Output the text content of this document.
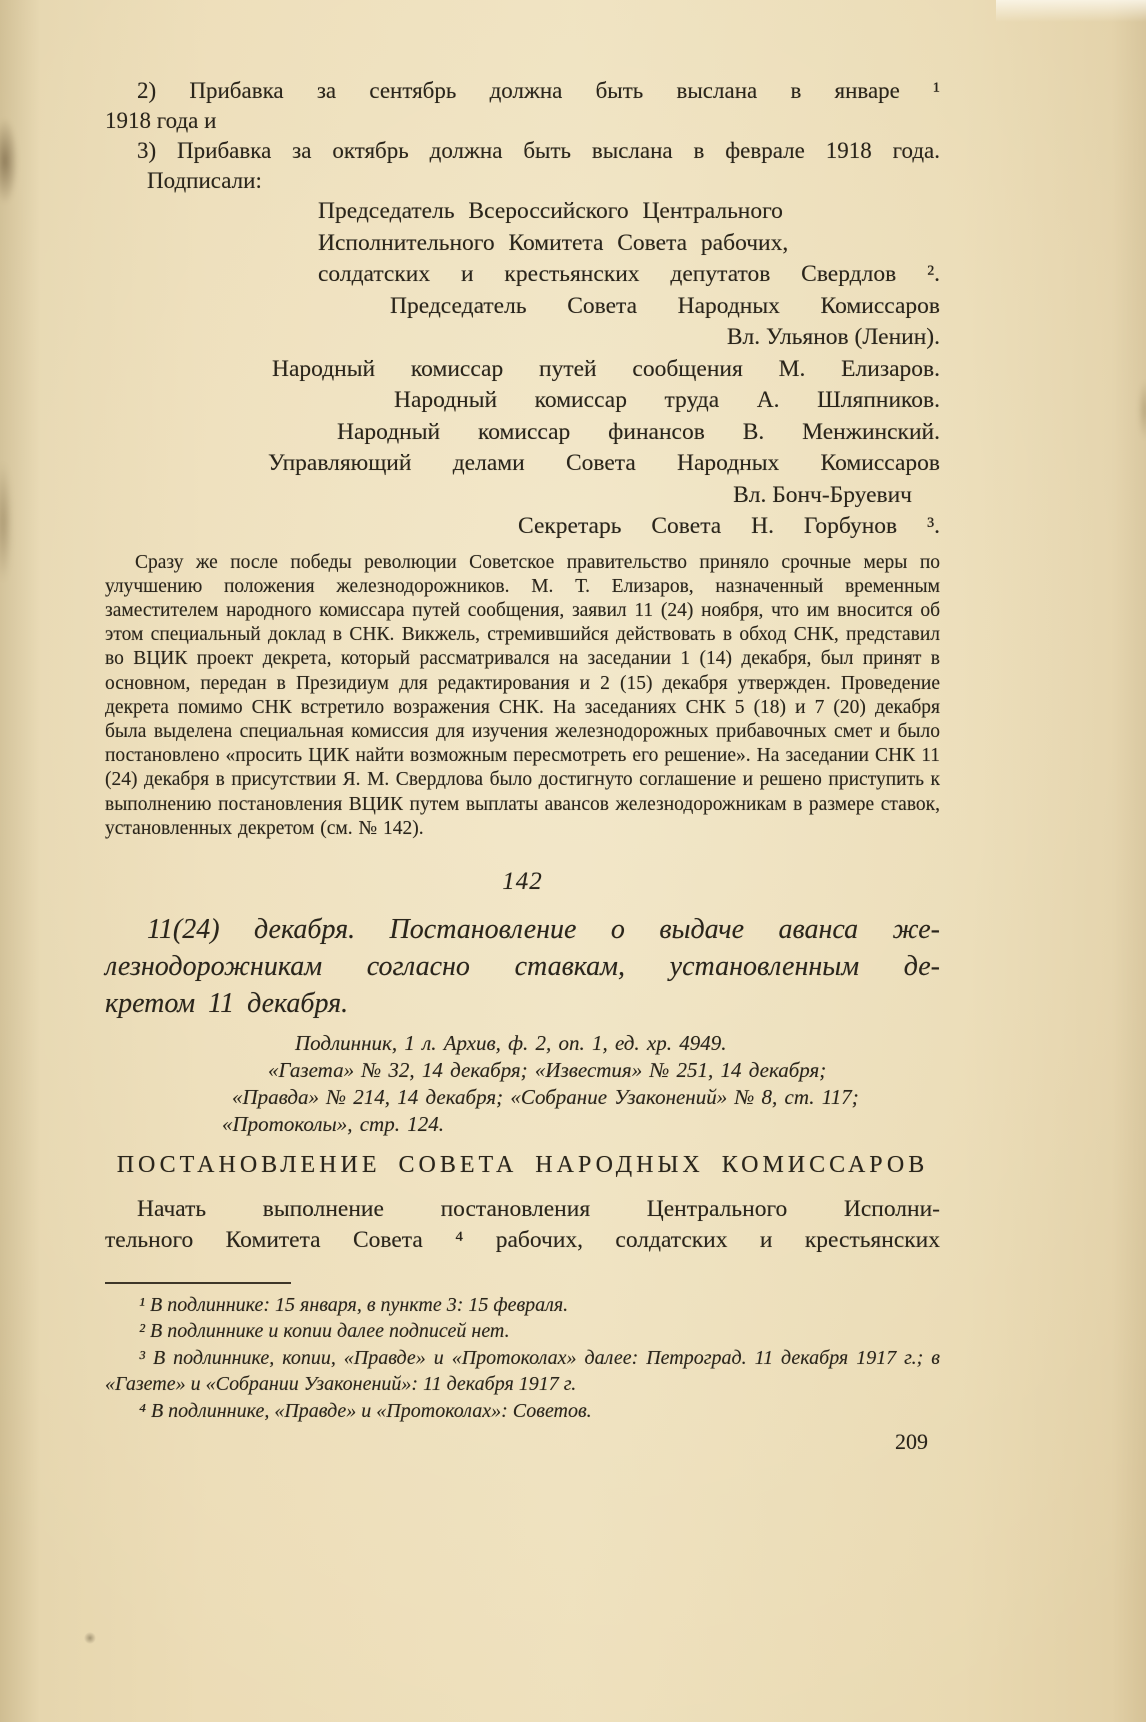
2) Прибавка за сентябрь должна быть выслана в январе ¹
1918 года и
3) Прибавка за октябрь должна быть выслана в феврале 1918 года.
Подписали:
Председатель Всероссийского Центрального
Исполнительного Комитета Совета рабочих,
солдатских и крестьянских депутатов Свердлов ².
Председатель Совета Народных Комиссаров
Вл. Ульянов (Ленин).
Народный комиссар путей сообщения М. Елизаров.
Народный комиссар труда А. Шляпников.
Народный комиссар финансов В. Менжинский.
Управляющий делами Совета Народных Комиссаров
Вл. Бонч-Бруевич
Секретарь Совета Н. Горбунов ³.
Сразу же после победы революции Советское правительство приняло срочные меры по улучшению положения железнодорожников. М. Т. Елизаров, назначенный временным заместителем народного комиссара путей сообщения, заявил 11 (24) ноября, что им вносится об этом специальный доклад в СНК. Викжель, стремившийся действовать в обход СНК, представил во ВЦИК проект декрета, который рассматривался на заседании 1 (14) декабря, был принят в основном, передан в Президиум для редактирования и 2 (15) декабря утвержден. Проведение декрета помимо СНК встретило возражения СНК. На заседаниях СНК 5 (18) и 7 (20) декабря была выделена специальная комиссия для изучения железнодорожных прибавочных смет и было постановлено «просить ЦИК найти возможным пересмотреть его решение». На заседании СНК 11 (24) декабря в присутствии Я. М. Свердлова было достигнуто соглашение и решено приступить к выполнению постановления ВЦИК путем выплаты авансов железнодорожникам в размере ставок, установленных декретом (см. № 142).
142
11(24) декабря. Постановление о выдаче аванса же-
лезнодорожникам согласно ставкам, установленным де-
кретом 11 декабря.
Подлинник, 1 л. Архив, ф. 2, оп. 1, ед. хр. 4949.
«Газета» № 32, 14 декабря; «Известия» № 251, 14 декабря;
«Правда» № 214, 14 декабря; «Собрание Узаконений» № 8, ст. 117;
«Протоколы», стр. 124.
ПОСТАНОВЛЕНИЕ СОВЕТА НАРОДНЫХ КОМИССАРОВ
Начать выполнение постановления Центрального Исполни-
тельного Комитета Совета ⁴ рабочих, солдатских и крестьянских
¹ В подлиннике: 15 января, в пункте 3: 15 февраля.
² В подлиннике и копии далее подписей нет.
³ В подлиннике, копии, «Правде» и «Протоколах» далее: Петроград. 11 декабря 1917 г.; в «Газете» и «Собрании Узаконений»: 11 декабря 1917 г.
⁴ В подлиннике, «Правде» и «Протоколах»: Советов.
209
